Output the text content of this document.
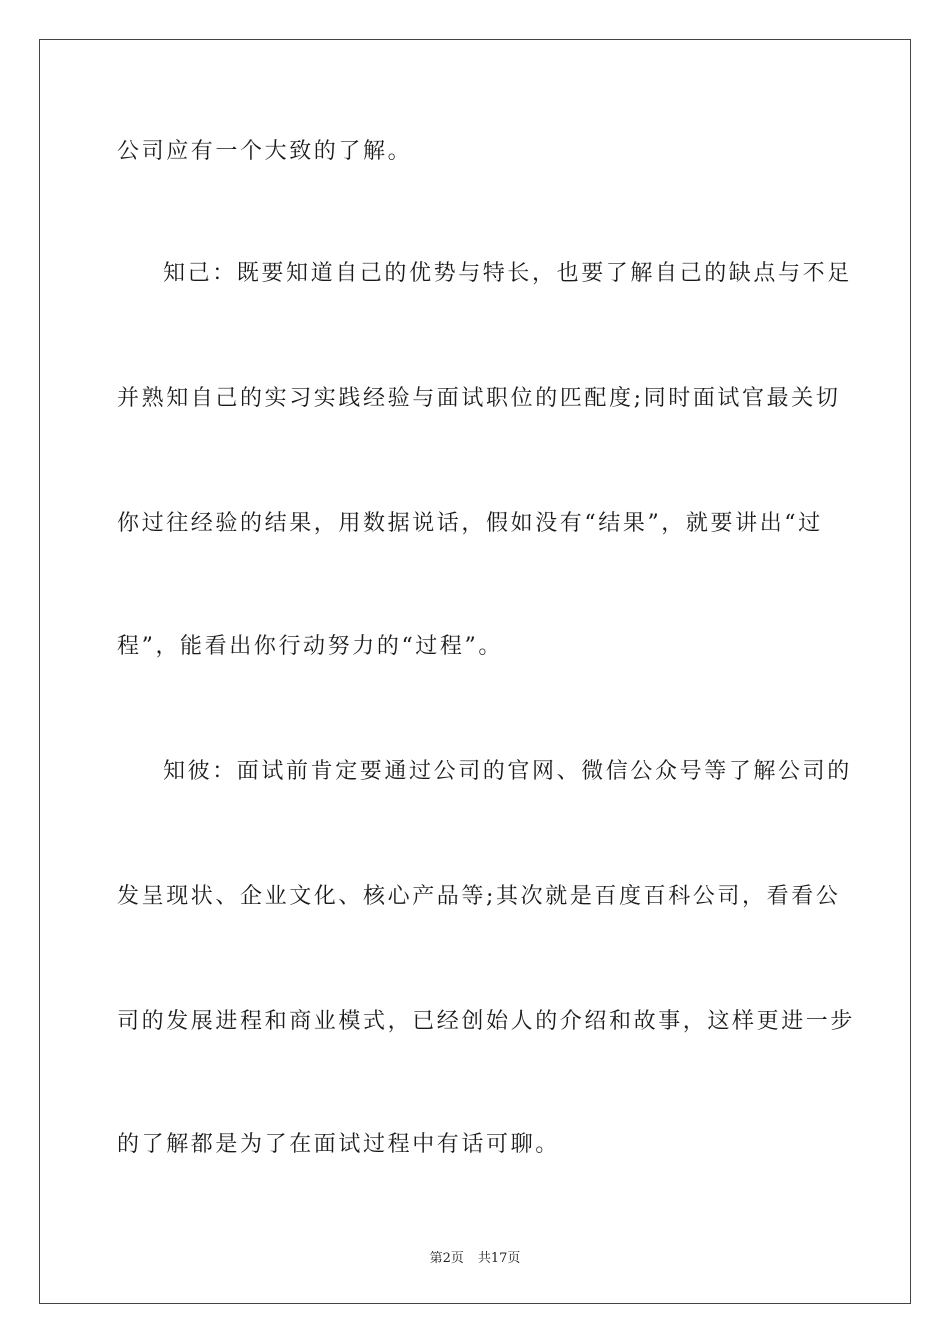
公司应有一个大致的了解。
知己：既要知道自己的优势与特长，也要了解自己的缺点与不足
并熟知自己的实习实践经验与面试职位的匹配度;同时面试官最关切
你过往经验的结果，用数据说话，假如没有“结果”，就要讲出“过
程”，能看出你行动努力的“过程”。
知彼：面试前肯定要通过公司的官网、微信公众号等了解公司的
发呈现状、企业文化、核心产品等;其次就是百度百科公司，看看公
司的发展进程和商业模式，已经创始人的介绍和故事，这样更进一步
的了解都是为了在面试过程中有话可聊。
第2页 共17页
